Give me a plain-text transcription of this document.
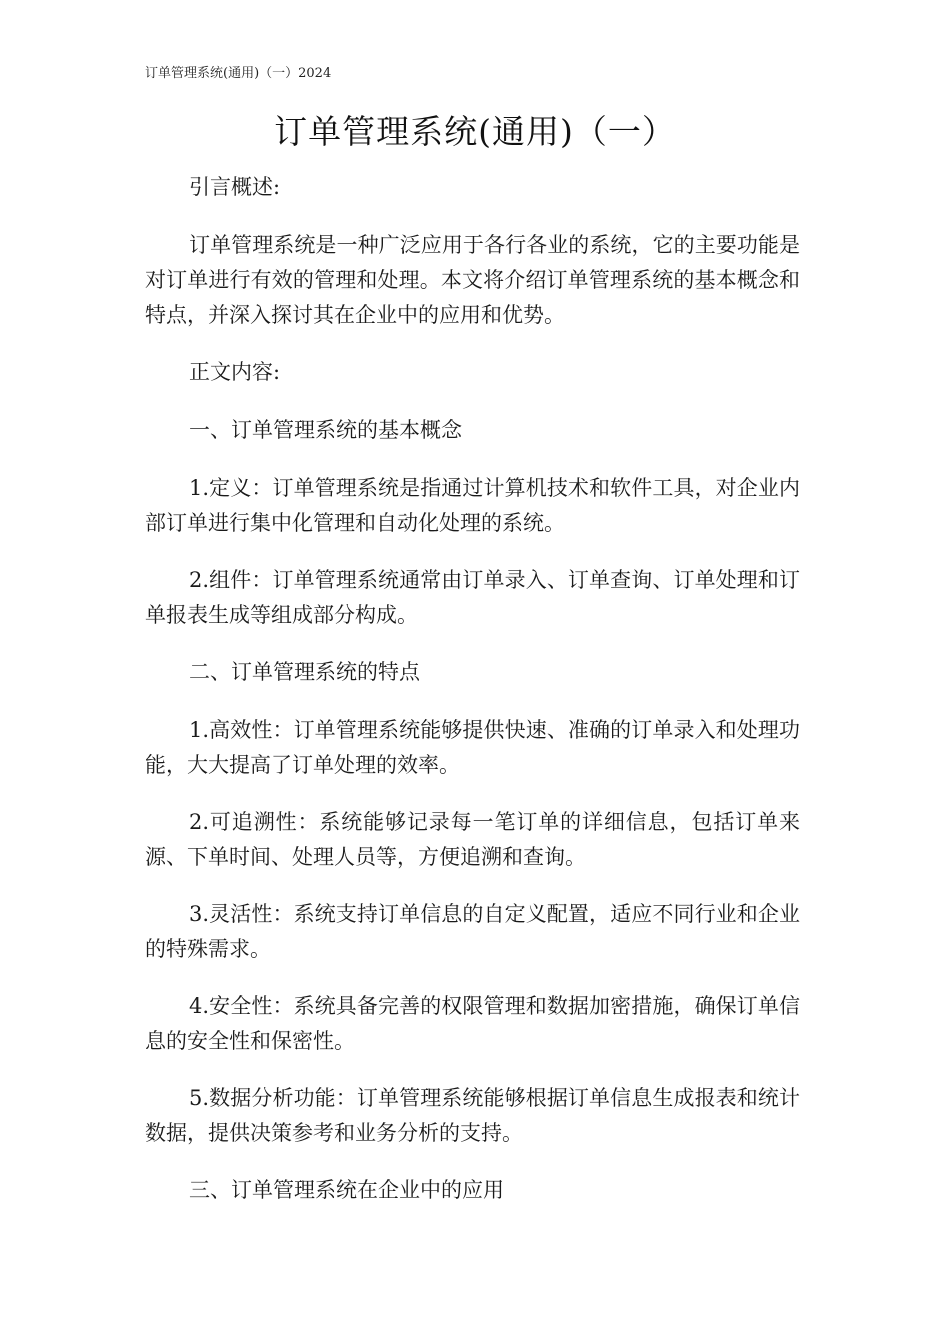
订单管理系统(通用)（一）2024
订单管理系统(通用)（一）

引言概述:

订单管理系统是一种广泛应用于各行各业的系统，它的主要功能是对订单进行有效的管理和处理。本文将介绍订单管理系统的基本概念和特点，并深入探讨其在企业中的应用和优势。

正文内容:

一、订单管理系统的基本概念

1.定义：订单管理系统是指通过计算机技术和软件工具，对企业内部订单进行集中化管理和自动化处理的系统。

2.组件：订单管理系统通常由订单录入、订单查询、订单处理和订单报表生成等组成部分构成。

二、订单管理系统的特点

1.高效性：订单管理系统能够提供快速、准确的订单录入和处理功能，大大提高了订单处理的效率。

2.可追溯性：系统能够记录每一笔订单的详细信息，包括订单来源、下单时间、处理人员等，方便追溯和查询。

3.灵活性：系统支持订单信息的自定义配置，适应不同行业和企业的特殊需求。

4.安全性：系统具备完善的权限管理和数据加密措施，确保订单信息的安全性和保密性。

5.数据分析功能：订单管理系统能够根据订单信息生成报表和统计数据，提供决策参考和业务分析的支持。

三、订单管理系统在企业中的应用
